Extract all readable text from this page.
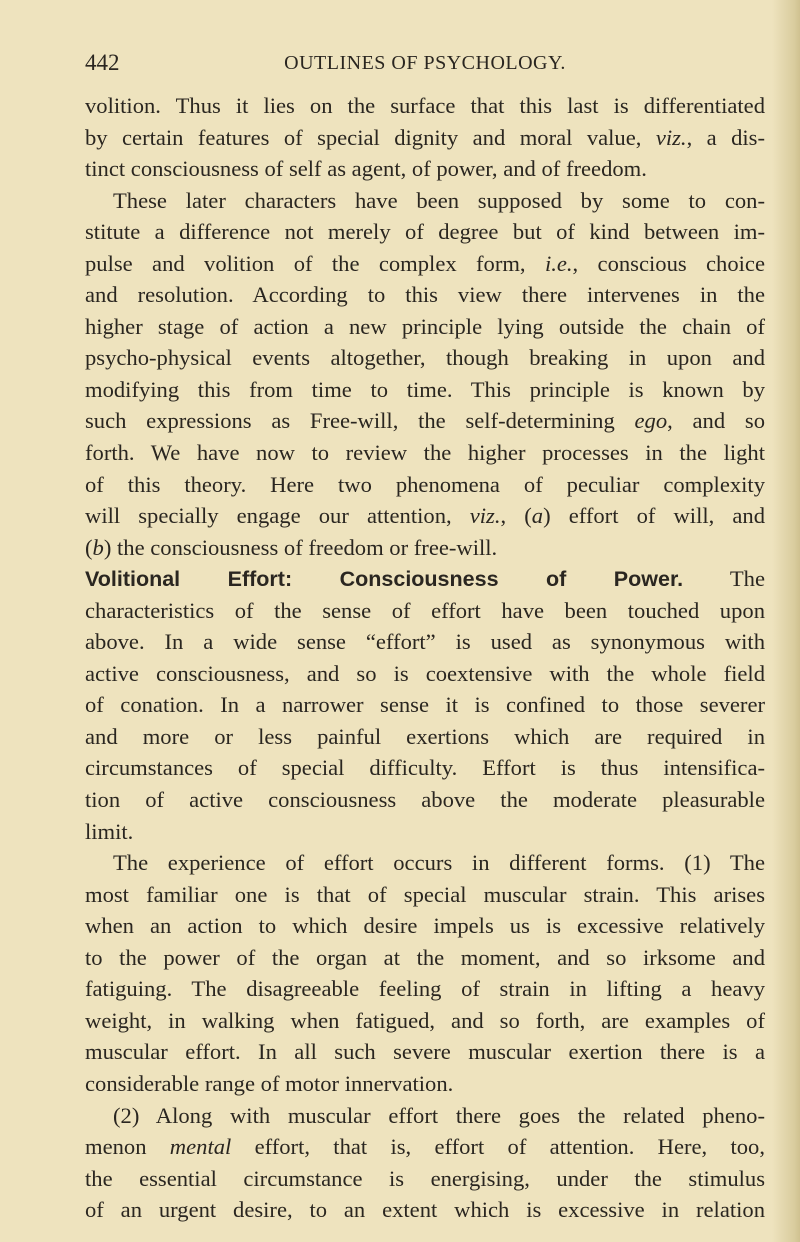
442	OUTLINES OF PSYCHOLOGY.
volition. Thus it lies on the surface that this last is differentiated
by certain features of special dignity and moral value, viz., a dis-
tinct consciousness of self as agent, of power, and of freedom.
These later characters have been supposed by some to con-
stitute a difference not merely of degree but of kind between im-
pulse and volition of the complex form, i.e., conscious choice
and resolution. According to this view there intervenes in the
higher stage of action a new principle lying outside the chain of
psycho-physical events altogether, though breaking in upon and
modifying this from time to time. This principle is known by
such expressions as Free-will, the self-determining ego, and so
forth. We have now to review the higher processes in the light
of this theory. Here two phenomena of peculiar complexity
will specially engage our attention, viz., (a) effort of will, and
(b) the consciousness of freedom or free-will.
Volitional Effort: Consciousness of Power. The
characteristics of the sense of effort have been touched upon
above. In a wide sense “effort” is used as synonymous with
active consciousness, and so is coextensive with the whole field
of conation. In a narrower sense it is confined to those severer
and more or less painful exertions which are required in
circumstances of special difficulty. Effort is thus intensifica-
tion of active consciousness above the moderate pleasurable
limit.
The experience of effort occurs in different forms. (1) The
most familiar one is that of special muscular strain. This arises
when an action to which desire impels us is excessive relatively
to the power of the organ at the moment, and so irksome and
fatiguing. The disagreeable feeling of strain in lifting a heavy
weight, in walking when fatigued, and so forth, are examples of
muscular effort. In all such severe muscular exertion there is a
considerable range of motor innervation.
(2) Along with muscular effort there goes the related pheno-
menon mental effort, that is, effort of attention. Here, too,
the essential circumstance is energising, under the stimulus
of an urgent desire, to an extent which is excessive in relation
